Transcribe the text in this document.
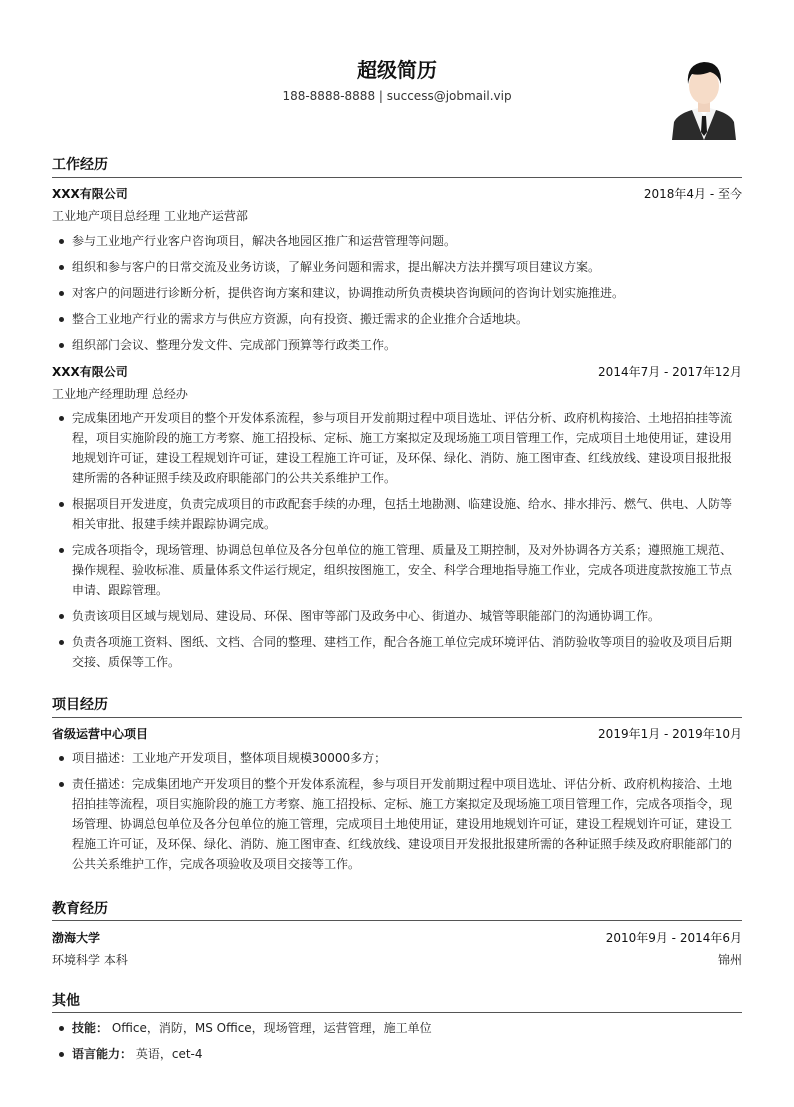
超级简历
188-8888-8888 | success@jobmail.vip
工作经历
XXX有限公司	2018年4月 - 至今
工业地产项目总经理 工业地产运营部
参与工业地产行业客户咨询项目，解决各地园区推广和运营管理等问题。
组织和参与客户的日常交流及业务访谈，了解业务问题和需求，提出解决方法并撰写项目建议方案。
对客户的问题进行诊断分析，提供咨询方案和建议，协调推动所负责模块咨询顾问的咨询计划实施推进。
整合工业地产行业的需求方与供应方资源，向有投资、搬迁需求的企业推介合适地块。
组织部门会议、整理分发文件、完成部门预算等行政类工作。
XXX有限公司	2014年7月 - 2017年12月
工业地产经理助理 总经办
完成集团地产开发项目的整个开发体系流程，参与项目开发前期过程中项目选址、评估分析、政府机构接洽、土地招拍挂等流程，项目实施阶段的施工方考察、施工招投标、定标、施工方案拟定及现场施工项目管理工作，完成项目土地使用证，建设用地规划许可证，建设工程规划许可证，建设工程施工许可证，及环保、绿化、消防、施工图审查、红线放线、建设项目报批报建所需的各种证照手续及政府职能部门的公共关系维护工作。
根据项目开发进度，负责完成项目的市政配套手续的办理，包括土地勘测、临建设施、给水、排水排污、燃气、供电、人防等相关审批、报建手续并跟踪协调完成。
完成各项指令，现场管理、协调总包单位及各分包单位的施工管理、质量及工期控制，及对外协调各方关系；遵照施工规范、操作规程、验收标准、质量体系文件运行规定，组织按图施工，安全、科学合理地指导施工作业，完成各项进度款按施工节点申请、跟踪管理。
负责该项目区域与规划局、建设局、环保、图审等部门及政务中心、街道办、城管等职能部门的沟通协调工作。
负责各项施工资料、图纸、文档、合同的整理、建档工作，配合各施工单位完成环境评估、消防验收等项目的验收及项目后期交接、质保等工作。
项目经历
省级运营中心项目	2019年1月 - 2019年10月
项目描述：工业地产开发项目，整体项目规模30000多方；
责任描述：完成集团地产开发项目的整个开发体系流程，参与项目开发前期过程中项目选址、评估分析、政府机构接洽、土地招拍挂等流程，项目实施阶段的施工方考察、施工招投标、定标、施工方案拟定及现场施工项目管理工作，完成各项指令，现场管理、协调总包单位及各分包单位的施工管理，完成项目土地使用证，建设用地规划许可证，建设工程规划许可证，建设工程施工许可证，及环保、绿化、消防、施工图审查、红线放线、建设项目开发报批报建所需的各种证照手续及政府职能部门的公共关系维护工作，完成各项验收及项目交接等工作。
教育经历
渤海大学	2010年9月 - 2014年6月
环境科学 本科	锦州
其他
技能： Office，消防，MS Office，现场管理，运营管理，施工单位
语言能力： 英语，cet-4
